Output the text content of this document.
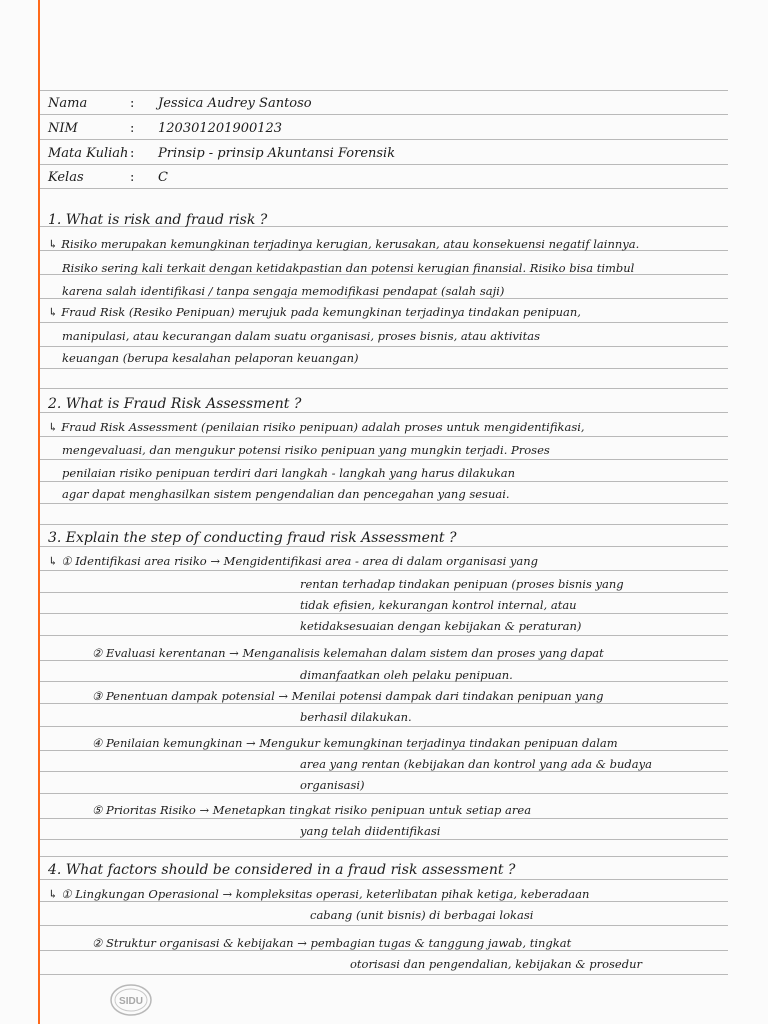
Nama	:	Jessica Audrey Santoso
NIM	:	120301201900123
Mata Kuliah :	Prinsip - prinsip Akuntansi Forensik
Kelas	:	C
1. What is risk and fraud risk ?
↳ Risiko merupakan kemungkinan terjadinya kerugian, kerusakan, atau konsekuensi negatif lainnya.
Risiko sering kali terkait dengan ketidakpastian dan potensi kerugian finansial. Risiko bisa timbul
karena salah identifikasi / tanpa sengaja memodifikasi pendapat (salah saji)
↳ Fraud Risk (Resiko Penipuan) merujuk pada kemungkinan terjadinya tindakan penipuan,
manipulasi, atau kecurangan dalam suatu organisasi, proses bisnis, atau aktivitas
keuangan (berupa kesalahan pelaporan keuangan)
2. What is Fraud Risk Assessment ?
↳ Fraud Risk Assessment (penilaian risiko penipuan) adalah proses untuk mengidentifikasi,
mengevaluasi, dan mengukur potensi risiko penipuan yang mungkin terjadi. Proses
penilaian risiko penipuan terdiri dari langkah - langkah yang harus dilakukan
agar dapat menghasilkan sistem pengendalian dan pencegahan yang sesuai.
3. Explain the step of conducting fraud risk Assessment ?
↳ ① Identifikasi area risiko → Mengidentifikasi area - area di dalam organisasi yang
rentan terhadap tindakan penipuan (proses bisnis yang
tidak efisien, kekurangan kontrol internal, atau
ketidaksesuaian dengan kebijakan & peraturan)
② Evaluasi kerentanan → Menganalisis kelemahan dalam sistem dan proses yang dapat
dimanfaatkan oleh pelaku penipuan.
③ Penentuan dampak potensial → Menilai potensi dampak dari tindakan penipuan yang
berhasil dilakukan.
④ Penilaian kemungkinan → Mengukur kemungkinan terjadinya tindakan penipuan dalam
area yang rentan (kebijakan dan kontrol yang ada & budaya
organisasi)
⑤ Prioritas Risiko → Menetapkan tingkat risiko penipuan untuk setiap area
yang telah diidentifikasi
4. What factors should be considered in a fraud risk assessment ?
↳ ① Lingkungan Operasional → kompleksitas operasi, keterlibatan pihak ketiga, keberadaan
cabang (unit bisnis) di berbagai lokasi
② Struktur organisasi & kebijakan → pembagian tugas & tanggung jawab, tingkat
otorisasi dan pengendalian, kebijakan & prosedur
SIDU
